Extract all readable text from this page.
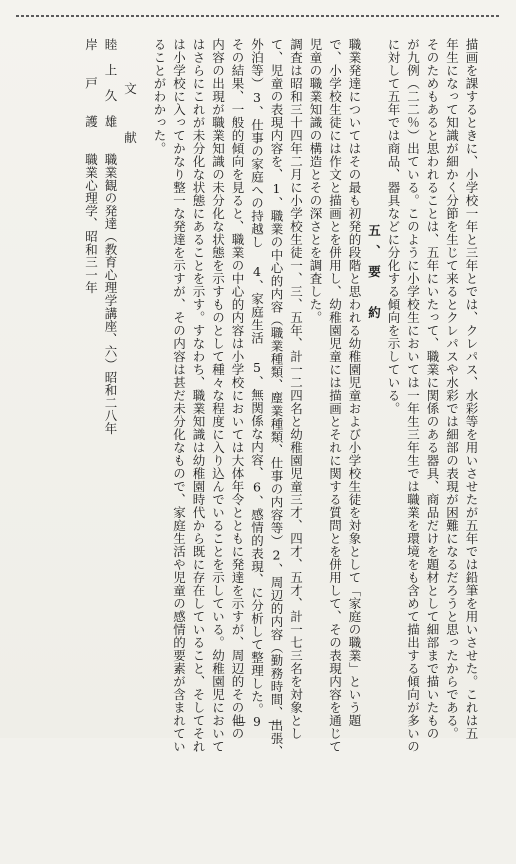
描画を課するときに、小学校一年と三年とでは、クレパス、水彩等を用いさせたが五年では鉛筆を用いさせた。これは五
年生になって知識が細かく分節を生じて来るとクレパスや水彩では細部の表現が困難になるだろうと思ったからである。
そのためもあると思われることは、五年にいたって、職業に関係のある器具、商品だけを題材として細部まで描いたもの
が九例（二二％）出ている。このように小学校生においては一年生三年生では職業を環境をも含めて描出する傾向が多いの
に対して五年では商品、器具などに分化する傾向を示している。
五、要　約
職業発達についてはその最も初発的段階と思われる幼稚園児童および小学校生徒を対象として「家庭の職業」という題
で、小学校生徒には作文と描画とを併用し、幼稚園児童には描画とそれに関する質問とを併用して、その表現内容を通じて
児童の職業知識の構造とその深さとを調査した。
調査は昭和三十四年二月に小学校生徒一、三、五年、計一二四名と幼稚園児童三才、四才、五才、計一七三名を対象とし
て、児童の表現内容を、1、職業の中心的内容（職業種類、塵業種類、仕事の内容等）2、周辺的内容（勤務時間、出張、
外泊等）3、仕事の家庭への持越し 4、家庭生活 5、無関係な内容、6、感情的表現、に分析して整理した。
その結果、一般的傾向を見ると、職業の中心的内容は小学校においては大体年令とともに発達を示すが、周辺的その他の
内容の出現が職業知識の未分化な状態を示すものとして種々な程度に入り込んでいることを示している。幼稚園児において
はさらにこれが未分化な状態にあることを示す。すなわち、職業知識は幼稚園時代から既に存在していること、そしてそれ
は小学校に入ってかなり整一な発達を示すが、その内容は甚だ未分化なもので、家庭生活や児童の感情的要素が含まれてい
ることがわかった。
文　献
睦　上　久　雄　　職業観の発達（教育心理学講座、六）昭和二八年
岸　　戸　　護　　職業心理学、昭和三一年
― 9 ―
